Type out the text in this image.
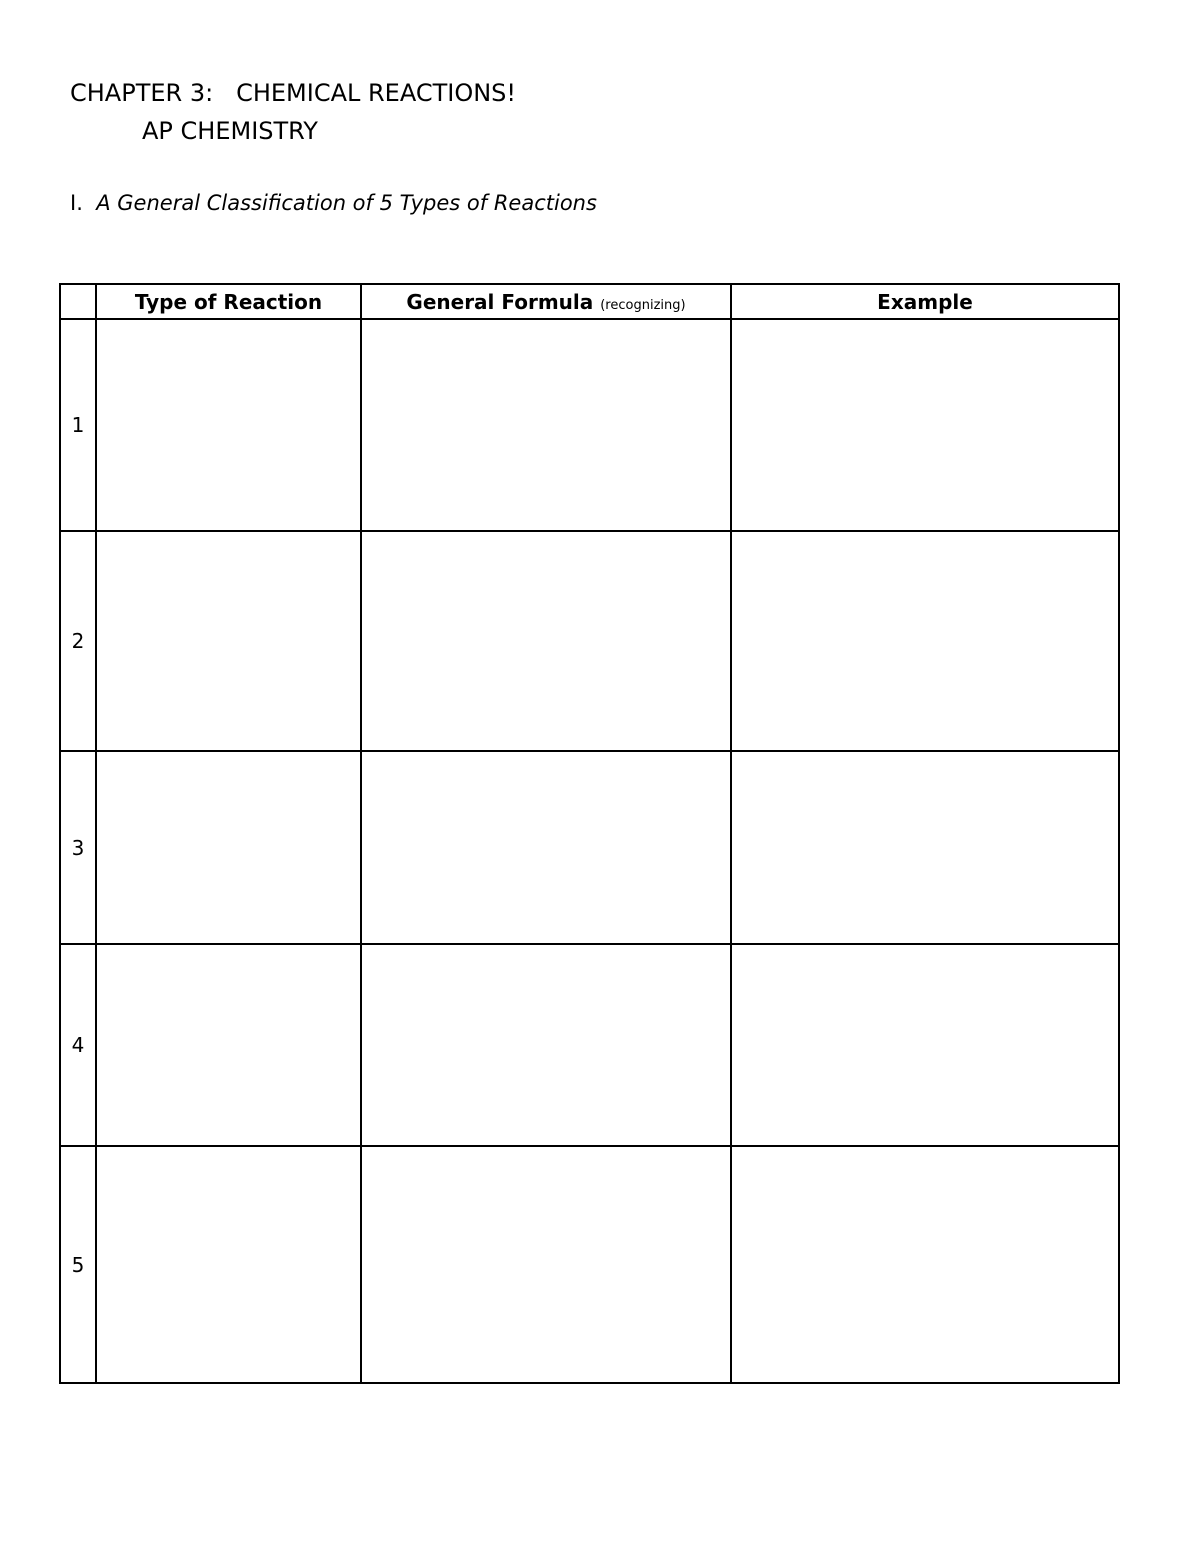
CHAPTER 3:   CHEMICAL REACTIONS!
AP CHEMISTRY
I. A General Classification of 5 Types of Reactions
	Type of Reaction	General Formula (recognizing)	Example
1			
2			
3			
4			
5			
